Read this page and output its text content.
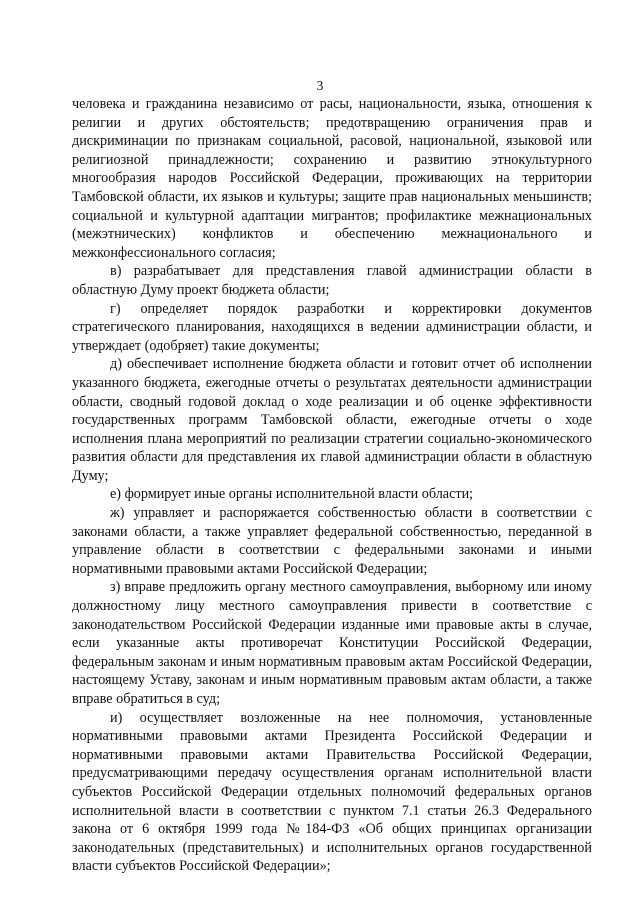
3

человека и гражданина независимо от расы, национальности, языка, отношения к религии и других обстоятельств; предотвращению ограничения прав и дискриминации по признакам социальной, расовой, национальной, языковой или религиозной принадлежности; сохранению и развитию этнокультурного многообразия народов Российской Федерации, проживающих на территории Тамбовской области, их языков и культуры; защите прав национальных меньшинств; социальной и культурной адаптации мигрантов; профилактике межнациональных (межэтнических) конфликтов и обеспечению межнационального и межконфессионального согласия;

в) разрабатывает для представления главой администрации области в областную Думу проект бюджета области;

г) определяет порядок разработки и корректировки документов стратегического планирования, находящихся в ведении администрации области, и утверждает (одобряет) такие документы;

д) обеспечивает исполнение бюджета области и готовит отчет об исполнении указанного бюджета, ежегодные отчеты о результатах деятельности администрации области, сводный годовой доклад о ходе реализации и об оценке эффективности государственных программ Тамбовской области, ежегодные отчеты о ходе исполнения плана мероприятий по реализации стратегии социально-экономического развития области для представления их главой администрации области в областную Думу;

е) формирует иные органы исполнительной власти области;

ж) управляет и распоряжается собственностью области в соответствии с законами области, а также управляет федеральной собственностью, переданной в управление области в соответствии с федеральными законами и иными нормативными правовыми актами Российской Федерации;

з) вправе предложить органу местного самоуправления, выборному или иному должностному лицу местного самоуправления привести в соответствие с законодательством Российской Федерации изданные ими правовые акты в случае, если указанные акты противоречат Конституции Российской Федерации, федеральным законам и иным нормативным правовым актам Российской Федерации, настоящему Уставу, законам и иным нормативным правовым актам области, а также вправе обратиться в суд;

и) осуществляет возложенные на нее полномочия, установленные нормативными правовыми актами Президента Российской Федерации и нормативными правовыми актами Правительства Российской Федерации, предусматривающими передачу осуществления органам исполнительной власти субъектов Российской Федерации отдельных полномочий федеральных органов исполнительной власти в соответствии с пунктом 7.1 статьи 26.3 Федерального закона от 6 октября 1999 года №184-ФЗ «Об общих принципах организации законодательных (представительных) и исполнительных органов государственной власти субъектов Российской Федерации»;
